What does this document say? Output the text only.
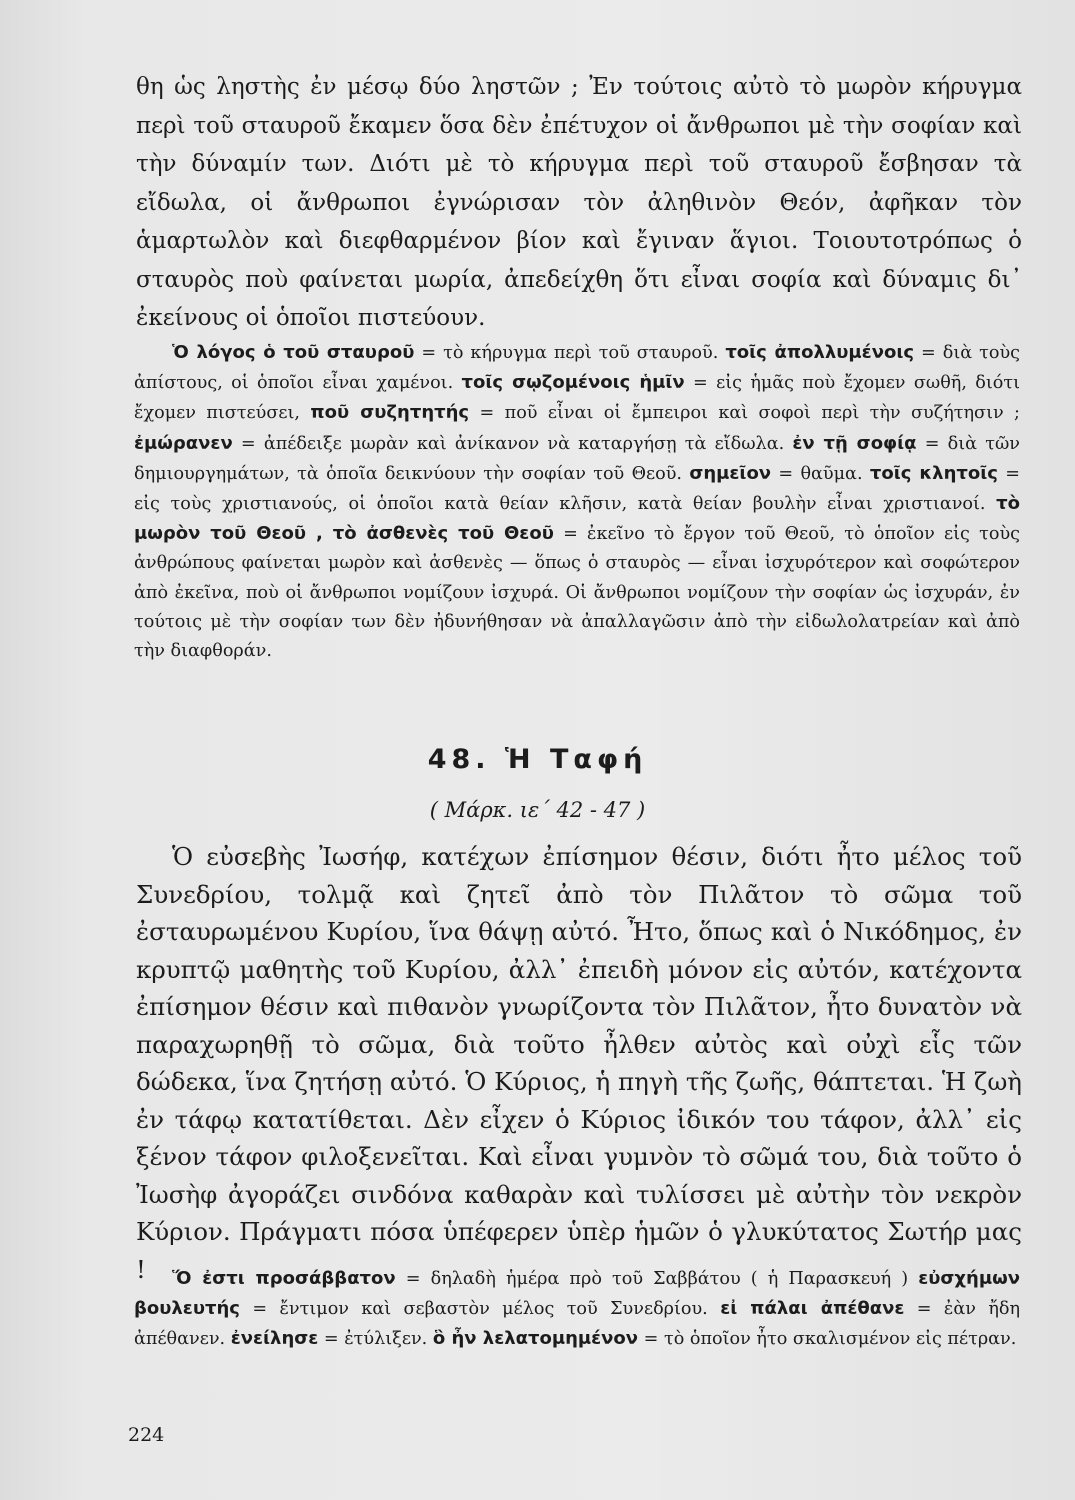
θη ὡς ληστὴς ἐν μέσῳ δύο ληστῶν ; Ἐν τούτοις αὐτὸ τὸ μωρὸν κήρυγμα περὶ τοῦ σταυροῦ ἔκαμεν ὅσα δὲν ἐπέτυχον οἱ ἄνθρωποι μὲ τὴν σοφίαν καὶ τὴν δύναμίν των. Διότι μὲ τὸ κήρυγμα περὶ τοῦ σταυροῦ ἔσβησαν τὰ εἴδωλα, οἱ ἄνθρωποι ἐγνώρισαν τὸν ἀληθινὸν Θεόν, ἀφῆκαν τὸν ἁμαρτωλὸν καὶ διεφθαρμένον βίον καὶ ἔγιναν ἅγιοι. Τοιουτοτρόπως ὁ σταυρὸς ποὺ φαίνεται μωρία, ἀπεδείχθη ὅτι εἶναι σοφία καὶ δύναμις δι᾿ ἐκείνους οἱ ὁποῖοι πιστεύουν.

Ὁ λόγος ὁ τοῦ σταυροῦ = τὸ κήρυγμα περὶ τοῦ σταυροῦ. τοῖς ἀπολλυμένοις = διὰ τοὺς ἀπίστους, οἱ ὁποῖοι εἶναι χαμένοι. τοῖς σῳζομένοις ἡμῖν = εἰς ἡμᾶς ποὺ ἔχομεν σωθῆ, διότι ἔχομεν πιστεύσει, ποῦ συζητητής = ποῦ εἶναι οἱ ἔμπειροι καὶ σοφοὶ περὶ τὴν συζήτησιν ; ἐμώρανεν = ἀπέδειξε μωρὰν καὶ ἀνίκανον νὰ καταργήσῃ τὰ εἴδωλα. ἐν τῇ σοφίᾳ = διὰ τῶν δημιουργημάτων, τὰ ὁποῖα δεικνύουν τὴν σοφίαν τοῦ Θεοῦ. σημεῖον = θαῦμα. τοῖς κλητοῖς = εἰς τοὺς χριστιανούς, οἱ ὁποῖοι κατὰ θείαν κλῆσιν, κατὰ θείαν βουλὴν εἶναι χριστιανοί. τὸ μωρὸν τοῦ Θεοῦ , τὸ ἀσθενὲς τοῦ Θεοῦ = ἐκεῖνο τὸ ἔργον τοῦ Θεοῦ, τὸ ὁποῖον εἰς τοὺς ἀνθρώπους φαίνεται μωρὸν καὶ ἀσθενὲς — ὅπως ὁ σταυρὸς — εἶναι ἰσχυρότερον καὶ σοφώτερον ἀπὸ ἐκεῖνα, ποὺ οἱ ἄνθρωποι νομίζουν ἰσχυρά. Οἱ ἄνθρωποι νομίζουν τὴν σοφίαν ὡς ἰσχυράν, ἐν τούτοις μὲ τὴν σοφίαν των δὲν ἠδυνήθησαν νὰ ἀπαλλαγῶσιν ἀπὸ τὴν εἰδωλολατρείαν καὶ ἀπὸ τὴν διαφθοράν.

48. Ἡ Ταφή

( Μάρκ. ιε΄ 42 - 47 )

Ὁ εὐσεβὴς Ἰωσήφ, κατέχων ἐπίσημον θέσιν, διότι ἦτο μέλος τοῦ Συνεδρίου, τολμᾷ καὶ ζητεῖ ἀπὸ τὸν Πιλᾶτον τὸ σῶμα τοῦ ἐσταυρωμένου Κυρίου, ἵνα θάψῃ αὐτό. Ἦτο, ὅπως καὶ ὁ Νικόδημος, ἐν κρυπτῷ μαθητὴς τοῦ Κυρίου, ἀλλ᾿ ἐπειδὴ μόνον εἰς αὐτόν, κατέχοντα ἐπίσημον θέσιν καὶ πιθανὸν γνωρίζοντα τὸν Πιλᾶτον, ἦτο δυνατὸν νὰ παραχωρηθῇ τὸ σῶμα, διὰ τοῦτο ἦλθεν αὐτὸς καὶ οὐχὶ εἷς τῶν δώδεκα, ἵνα ζητήσῃ αὐτό. Ὁ Κύριος, ἡ πηγὴ τῆς ζωῆς, θάπτεται. Ἡ ζωὴ ἐν τάφῳ κατατίθεται. Δὲν εἶχεν ὁ Κύριος ἰδικόν του τάφον, ἀλλ᾿ εἰς ξένον τάφον φιλοξενεῖται. Καὶ εἶναι γυμνὸν τὸ σῶμά του, διὰ τοῦτο ὁ Ἰωσὴφ ἀγοράζει σινδόνα καθαρὰν καὶ τυλίσσει μὲ αὐτὴν τὸν νεκρὸν Κύριον. Πράγματι πόσα ὑπέφερεν ὑπὲρ ἡμῶν ὁ γλυκύτατος Σωτήρ μας !	Ὅ ἐστι προσάββατον = δηλαδὴ ἡμέρα πρὸ τοῦ Σαββάτου ( ἡ Παρασκευή ) εὐσχήμων βουλευτής = ἔντιμον καὶ σεβαστὸν μέλος τοῦ Συνεδρίου. εἰ πάλαι ἀπέθανε = ἐὰν ἤδη ἀπέθανεν. ἐνείλησε = ἐτύλιξεν. ὃ ἦν λελατομημένον = τὸ ὁποῖον ἦτο σκαλισμένον εἰς πέτραν.

224
